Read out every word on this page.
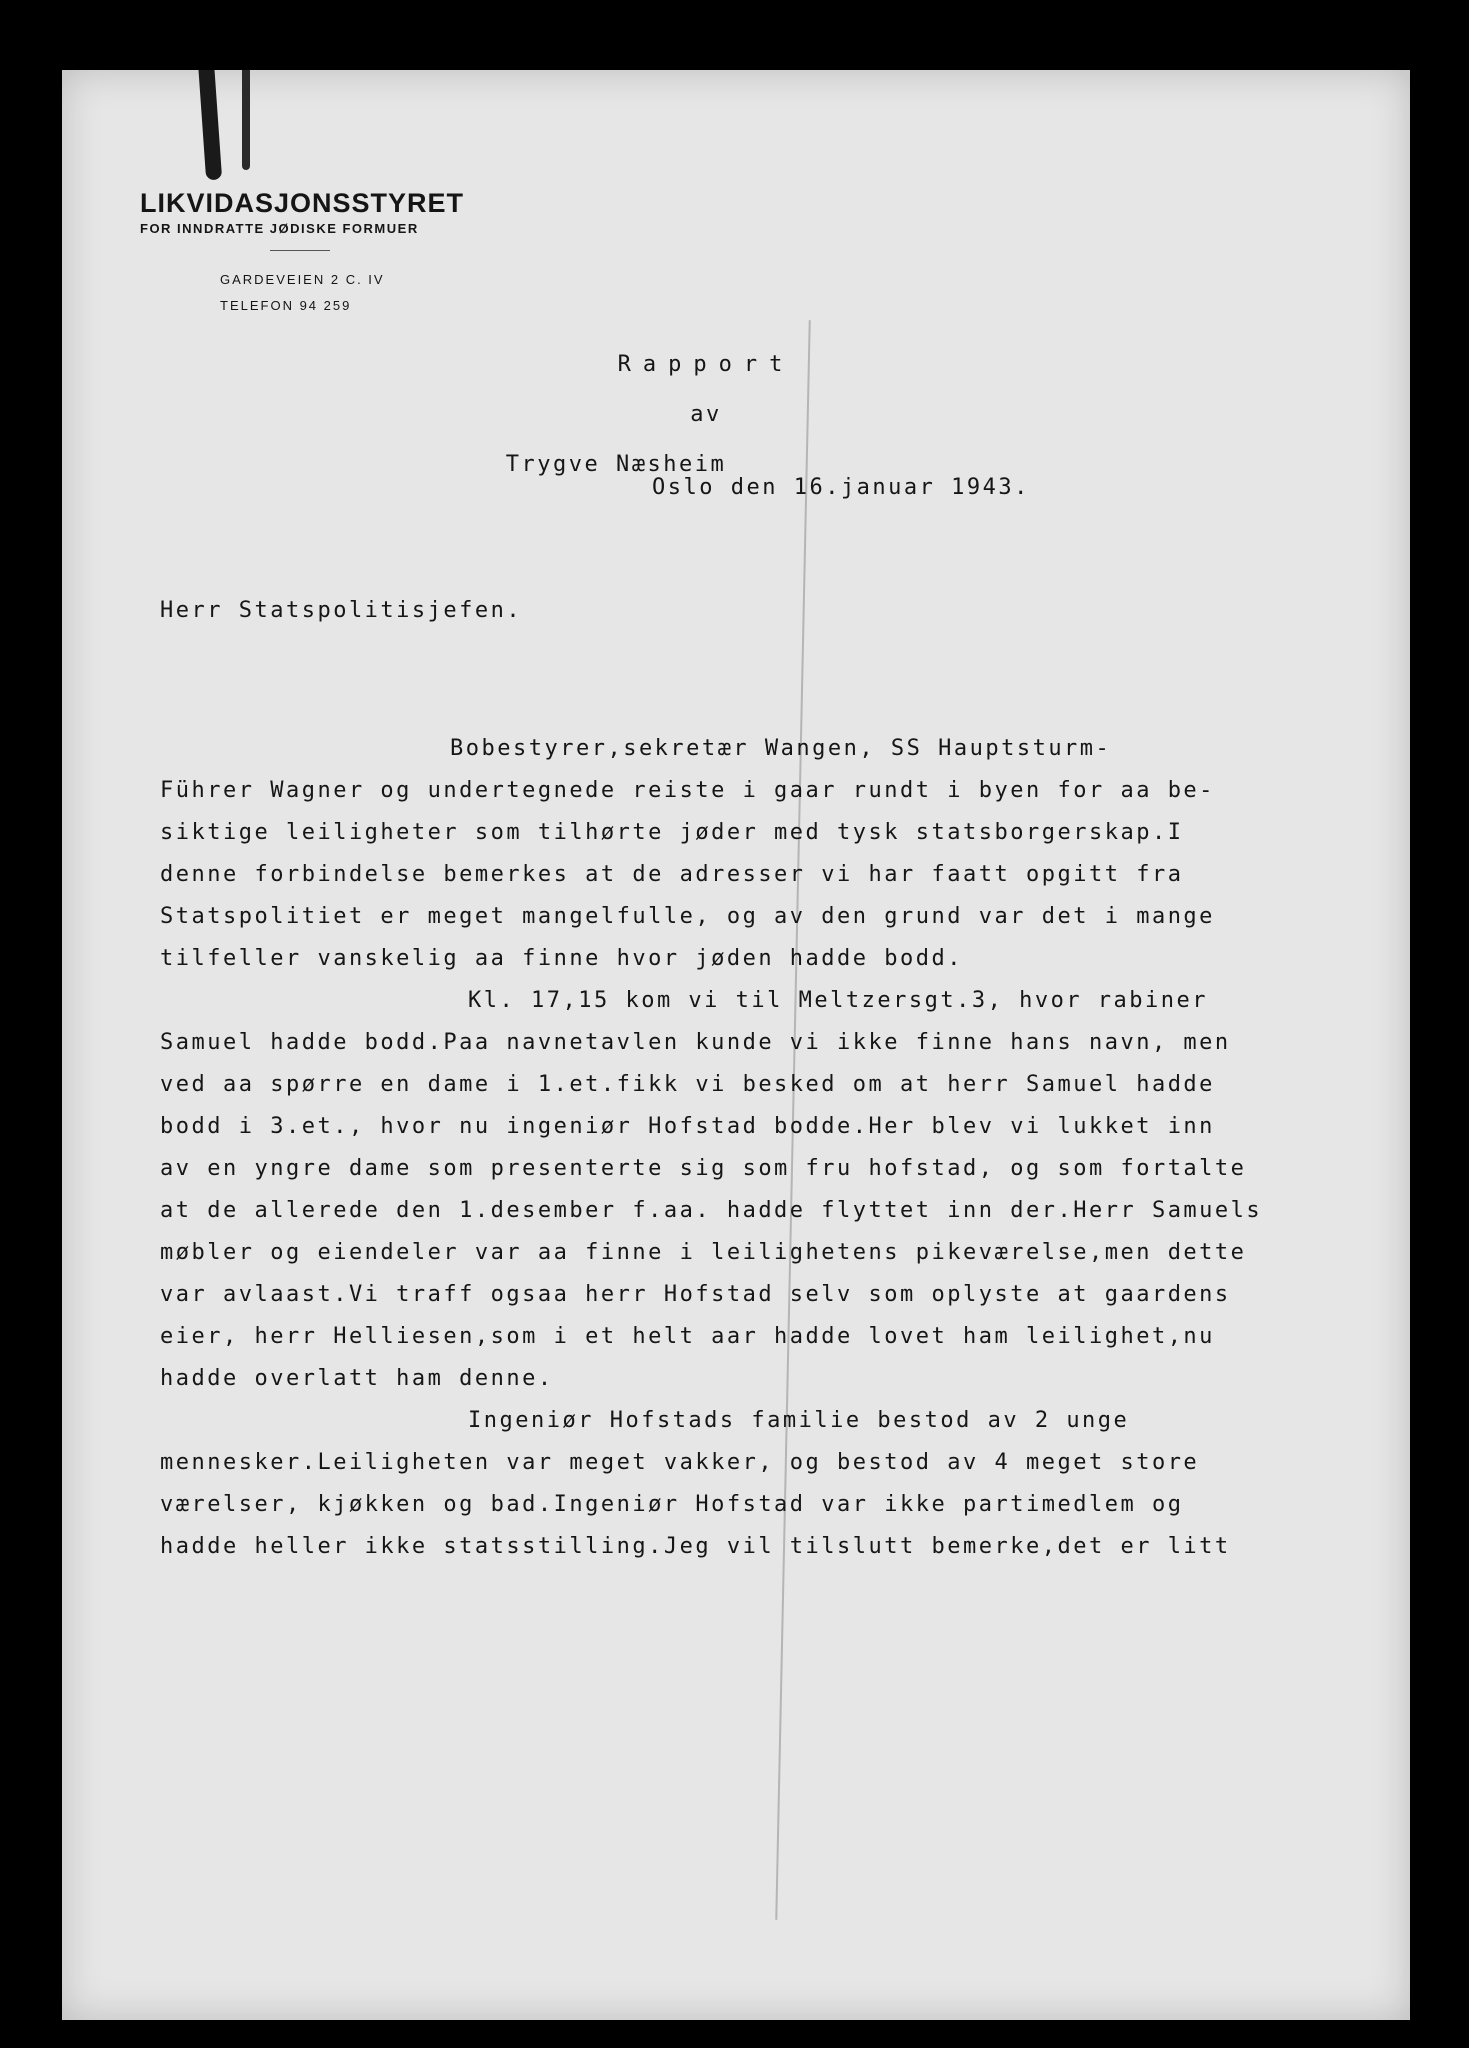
LIKVIDASJONSSTYRET
FOR INNDRATTE JØDISKE FORMUER
GARDEVEIEN 2 C. IV
TELEFON 94 259
Rapport
av
Trygve Næsheim
Oslo den 16.januar 1943.
Herr Statspolitisjefen.
Bobestyrer,sekretær Wangen, SS Hauptsturm-
Führer Wagner og undertegnede reiste i gaar rundt i byen for aa be-
siktige leiligheter som tilhørte jøder med tysk statsborgerskap.I
denne forbindelse bemerkes at de adresser vi har faatt opgitt fra
Statspolitiet er meget mangelfulle, og av den grund var det i mange
tilfeller vanskelig aa finne hvor jøden hadde bodd.
Kl. 17,15 kom vi til Meltzersgt.3, hvor rabiner
Samuel hadde bodd.Paa navnetavlen kunde vi ikke finne hans navn, men
ved aa spørre en dame i 1.et.fikk vi besked om at herr Samuel hadde
bodd i 3.et., hvor nu ingeniør Hofstad bodde.Her blev vi lukket inn
av en yngre dame som presenterte sig som fru hofstad, og som fortalte
at de allerede den 1.desember f.aa. hadde flyttet inn der.Herr Samuels
møbler og eiendeler var aa finne i leilighetens pikeværelse,men dette
var avlaast.Vi traff ogsaa herr Hofstad selv som oplyste at gaardens
eier, herr Helliesen,som i et helt aar hadde lovet ham leilighet,nu
hadde overlatt ham denne.
Ingeniør Hofstads familie bestod av 2 unge
mennesker.Leiligheten var meget vakker, og bestod av 4 meget store
værelser, kjøkken og bad.Ingeniør Hofstad var ikke partimedlem og
hadde heller ikke statsstilling.Jeg vil tilslutt bemerke,det er litt
